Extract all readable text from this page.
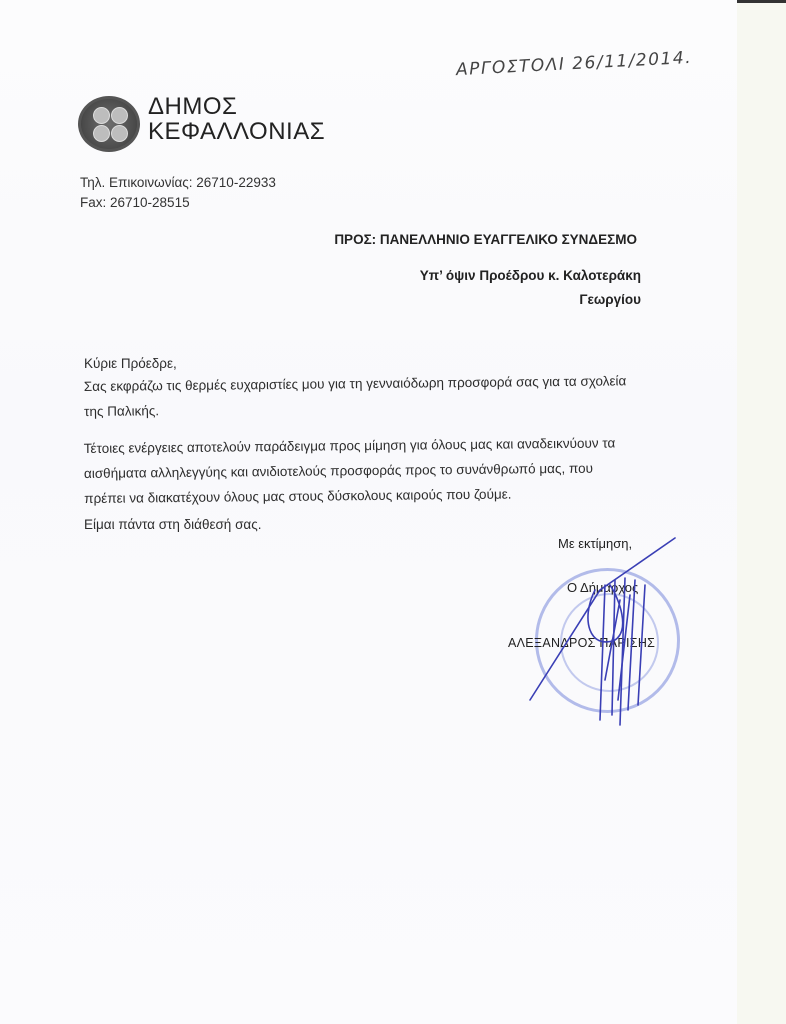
ΑΡΓΟΣΤΟΛΙ 26/11/2014.
ΔΗΜΟΣ
ΚΕΦΑΛΛΟΝΙΑΣ
Τηλ. Επικοινωνίας: 26710-22933
Fax: 26710-28515
ΠΡΟΣ: ΠΑΝΕΛΛΗΝΙΟ ΕΥΑΓΓΕΛΙΚΟ ΣΥΝΔΕΣΜΟ
Υπ’ όψιν Προέδρου κ. Καλοτεράκη
Γεωργίου
Κύριε Πρόεδρε,
Σας εκφράζω τις θερμές ευχαριστίες μου για τη γενναιόδωρη προσφορά σας για τα σχολεία
της Παλικής.
Τέτοιες ενέργειες αποτελούν παράδειγμα προς μίμηση για όλους μας και αναδεικνύουν τα
αισθήματα αλληλεγγύης και ανιδιοτελούς προσφοράς προς το συνάνθρωπό μας, που
πρέπει να διακατέχουν όλους μας στους δύσκολους καιρούς που ζούμε.
Είμαι πάντα στη διάθεσή σας.
Με εκτίμηση,
Ο Δήμαρχος
ΑΛΕΞΑΝΔΡΟΣ ΠΑΡΙΣΗΣ
